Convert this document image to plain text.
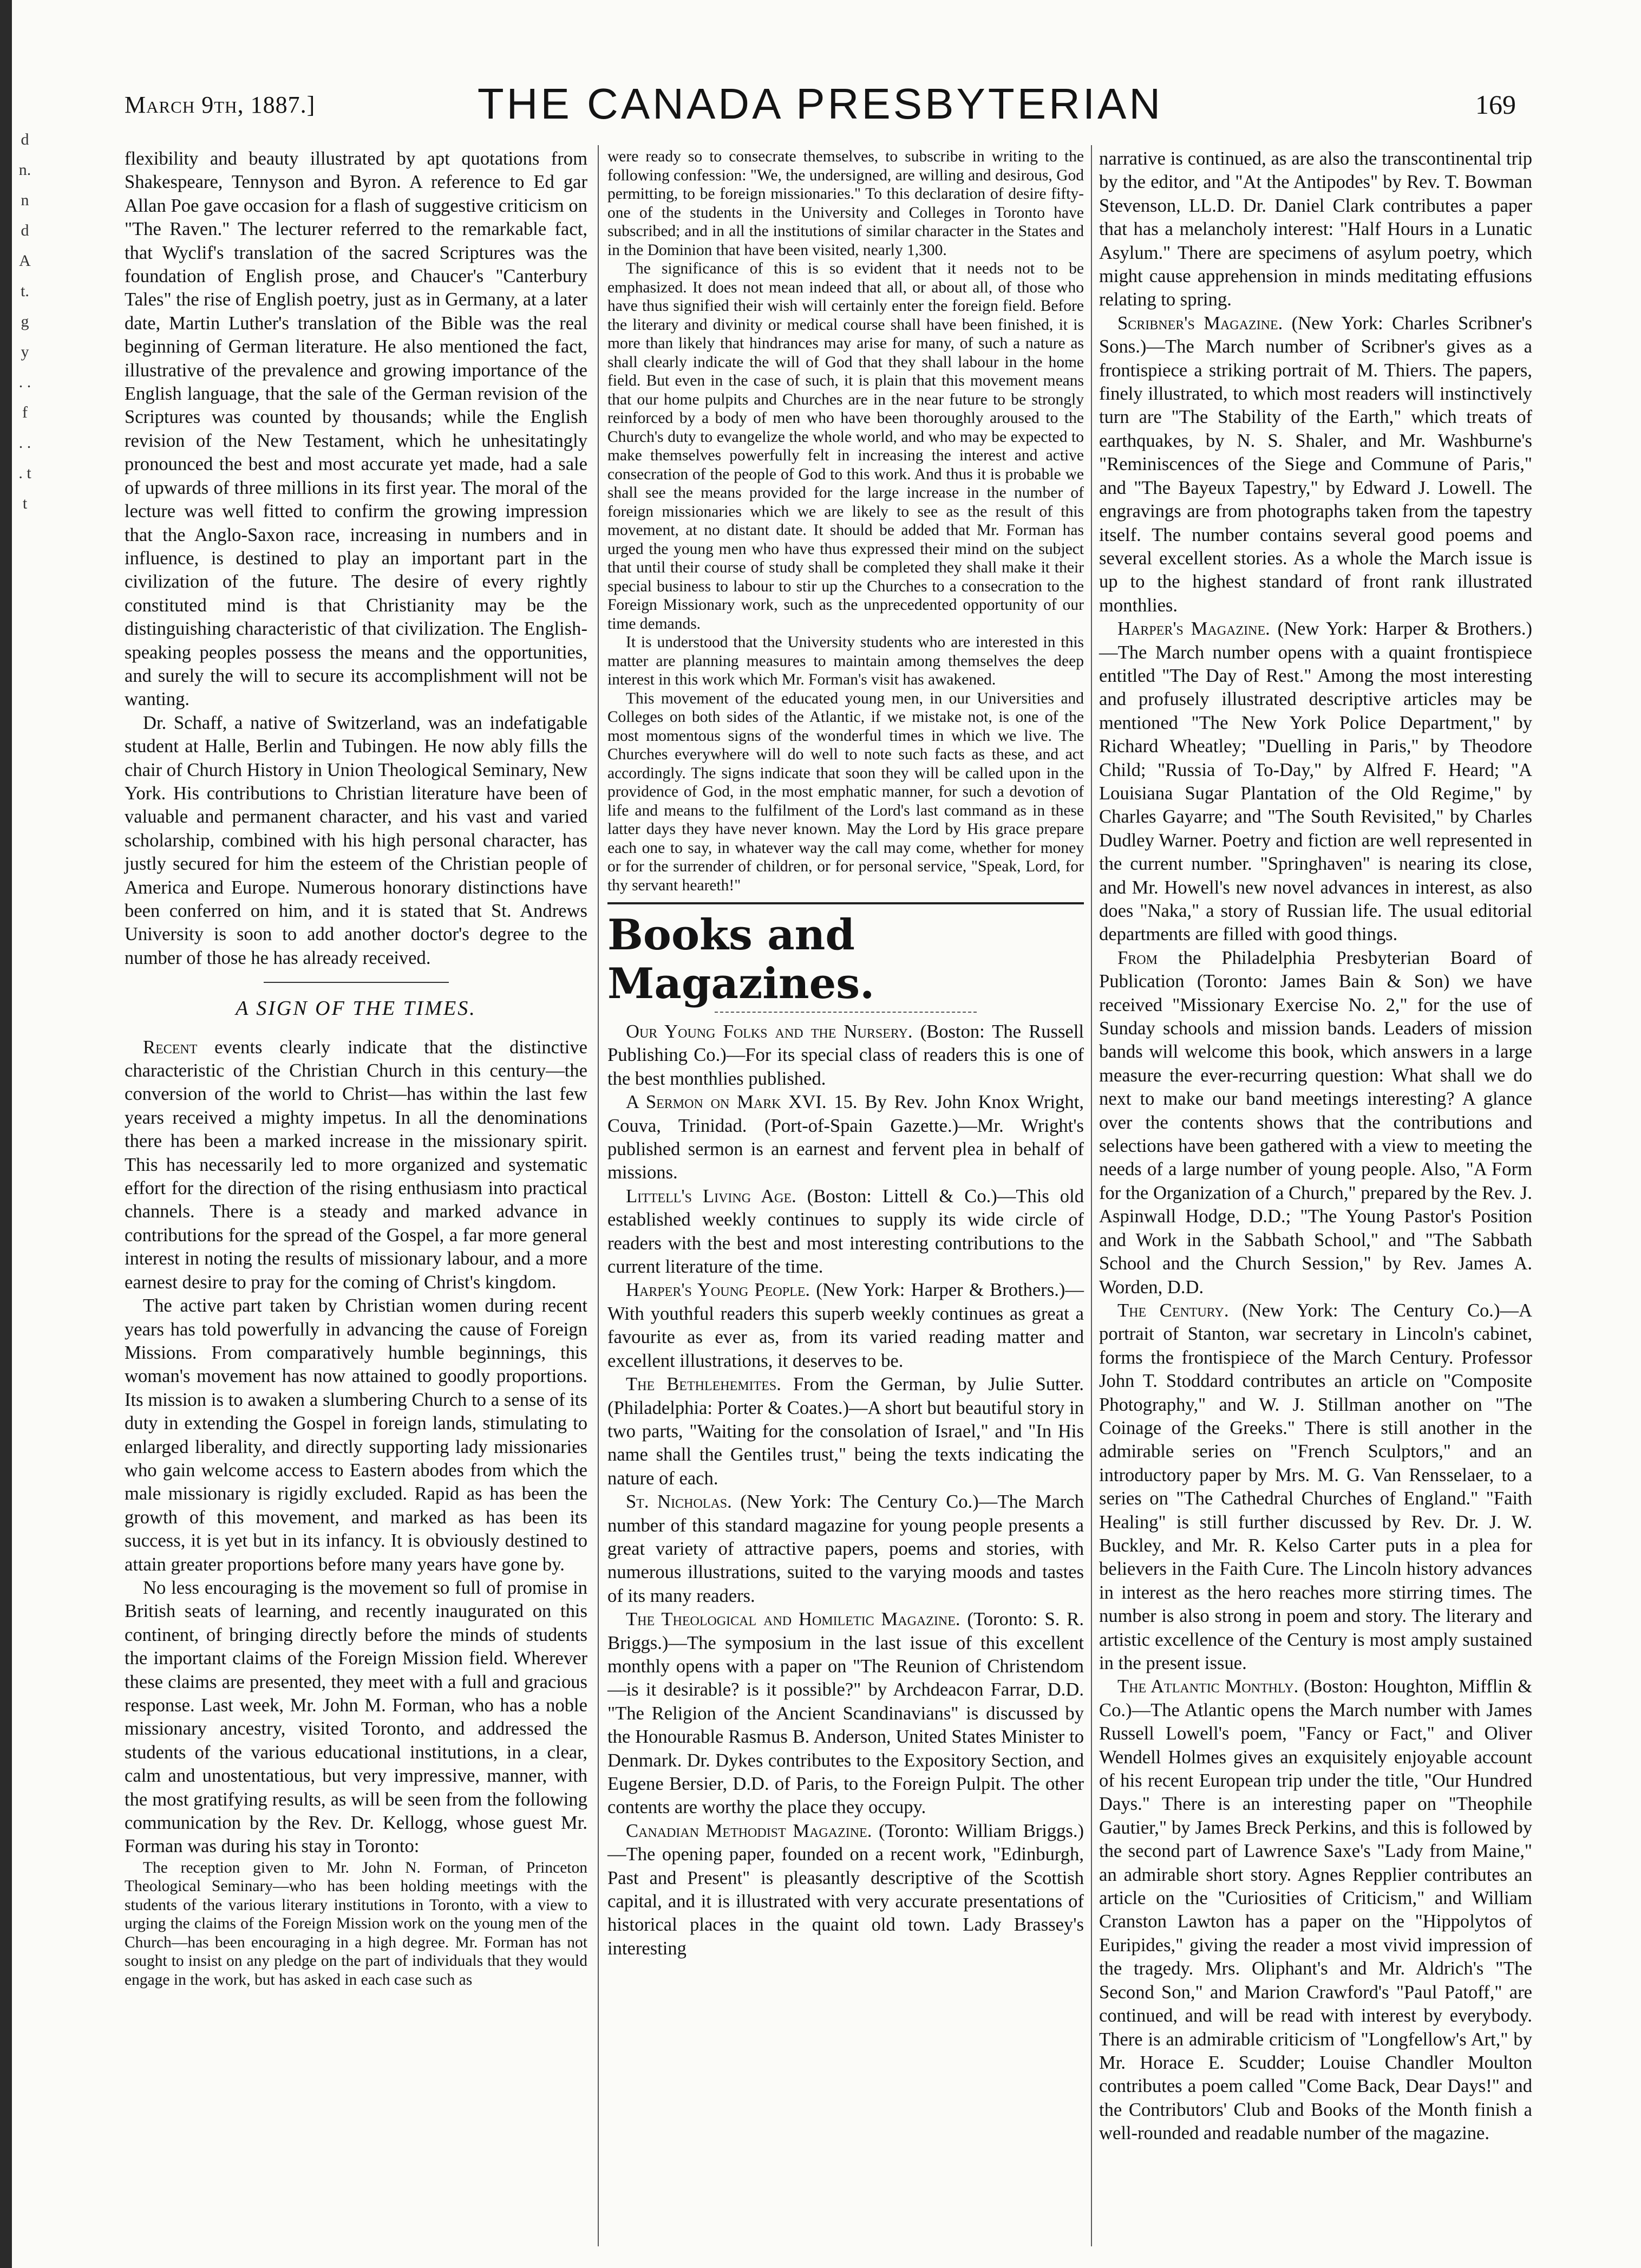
d n. n d A t. g y . . f . . . t t
March 9th, 1887.]	THE CANADA PRESBYTERIAN	169

flexibility and beauty illustrated by apt quotations from Shakespeare, Tennyson and Byron. A reference to Ed gar Allan Poe gave occasion for a flash of suggestive criticism on "The Raven." The lecturer referred to the remarkable fact, that Wyclif's translation of the sacred Scriptures was the foundation of English prose, and Chaucer's "Canterbury Tales" the rise of English poetry, just as in Germany, at a later date, Martin Luther's translation of the Bible was the real beginning of German literature. He also mentioned the fact, illustrative of the prevalence and growing importance of the English language, that the sale of the German revision of the Scriptures was counted by thousands; while the English revision of the New Testament, which he unhesitatingly pronounced the best and most accurate yet made, had a sale of upwards of three millions in its first year. The moral of the lecture was well fitted to confirm the growing impression that the Anglo-Saxon race, increasing in numbers and in influence, is destined to play an important part in the civilization of the future. The desire of every rightly constituted mind is that Christianity may be the distinguishing characteristic of that civilization. The English-speaking peoples possess the means and the opportunities, and surely the will to secure its accomplishment will not be wanting.

Dr. Schaff, a native of Switzerland, was an indefatigable student at Halle, Berlin and Tubingen. He now ably fills the chair of Church History in Union Theological Seminary, New York. His contributions to Christian literature have been of valuable and permanent character, and his vast and varied scholarship, combined with his high personal character, has justly secured for him the esteem of the Christian people of America and Europe. Numerous honorary distinctions have been conferred on him, and it is stated that St. Andrews University is soon to add another doctor's degree to the number of those he has already received.

A SIGN OF THE TIMES.

Recent events clearly indicate that the distinctive characteristic of the Christian Church in this century—the conversion of the world to Christ—has within the last few years received a mighty impetus. In all the denominations there has been a marked increase in the missionary spirit. This has necessarily led to more organized and systematic effort for the direction of the rising enthusiasm into practical channels. There is a steady and marked advance in contributions for the spread of the Gospel, a far more general interest in noting the results of missionary labour, and a more earnest desire to pray for the coming of Christ's kingdom.

The active part taken by Christian women during recent years has told powerfully in advancing the cause of Foreign Missions. From comparatively humble beginnings, this woman's movement has now attained to goodly proportions. Its mission is to awaken a slumbering Church to a sense of its duty in extending the Gospel in foreign lands, stimulating to enlarged liberality, and directly supporting lady missionaries who gain welcome access to Eastern abodes from which the male missionary is rigidly excluded. Rapid as has been the growth of this movement, and marked as has been its success, it is yet but in its infancy. It is obviously destined to attain greater proportions before many years have gone by.

No less encouraging is the movement so full of promise in British seats of learning, and recently inaugurated on this continent, of bringing directly before the minds of students the important claims of the Foreign Mission field. Wherever these claims are presented, they meet with a full and gracious response. Last week, Mr. John M. Forman, who has a noble missionary ancestry, visited Toronto, and addressed the students of the various educational institutions, in a clear, calm and unostentatious, but very impressive, manner, with the most gratifying results, as will be seen from the following communication by the Rev. Dr. Kellogg, whose guest Mr. Forman was during his stay in Toronto:

The reception given to Mr. John N. Forman, of Princeton Theological Seminary—who has been holding meetings with the students of the various literary institutions in Toronto, with a view to urging the claims of the Foreign Mission work on the young men of the Church—has been encouraging in a high degree. Mr. Forman has not sought to insist on any pledge on the part of individuals that they would engage in the work, but has asked in each case such as

were ready so to consecrate themselves, to subscribe in writing to the following confession: "We, the undersigned, are willing and desirous, God permitting, to be foreign missionaries." To this declaration of desire fifty-one of the students in the University and Colleges in Toronto have subscribed; and in all the institutions of similar character in the States and in the Dominion that have been visited, nearly 1,300.

The significance of this is so evident that it needs not to be emphasized. It does not mean indeed that all, or about all, of those who have thus signified their wish will certainly enter the foreign field. Before the literary and divinity or medical course shall have been finished, it is more than likely that hindrances may arise for many, of such a nature as shall clearly indicate the will of God that they shall labour in the home field. But even in the case of such, it is plain that this movement means that our home pulpits and Churches are in the near future to be strongly reinforced by a body of men who have been thoroughly aroused to the Church's duty to evangelize the whole world, and who may be expected to make themselves powerfully felt in increasing the interest and active consecration of the people of God to this work. And thus it is probable we shall see the means provided for the large increase in the number of foreign missionaries which we are likely to see as the result of this movement, at no distant date. It should be added that Mr. Forman has urged the young men who have thus expressed their mind on the subject that until their course of study shall be completed they shall make it their special business to labour to stir up the Churches to a consecration to the Foreign Missionary work, such as the unprecedented opportunity of our time demands.

It is understood that the University students who are interested in this matter are planning measures to maintain among themselves the deep interest in this work which Mr. Forman's visit has awakened.

This movement of the educated young men, in our Universities and Colleges on both sides of the Atlantic, if we mistake not, is one of the most momentous signs of the wonderful times in which we live. The Churches everywhere will do well to note such facts as these, and act accordingly. The signs indicate that soon they will be called upon in the providence of God, in the most emphatic manner, for such a devotion of life and means to the fulfilment of the Lord's last command as in these latter days they have never known. May the Lord by His grace prepare each one to say, in whatever way the call may come, whether for money or for the surrender of children, or for personal service, "Speak, Lord, for thy servant heareth!"

Books and Magazines.

Our Young Folks and the Nursery. (Boston: The Russell Publishing Co.)—For its special class of readers this is one of the best monthlies published.

A Sermon on Mark XVI. 15. By Rev. John Knox Wright, Couva, Trinidad. (Port-of-Spain Gazette.)—Mr. Wright's published sermon is an earnest and fervent plea in behalf of missions.

Littell's Living Age. (Boston: Littell & Co.)—This old established weekly continues to supply its wide circle of readers with the best and most interesting contributions to the current literature of the time.

Harper's Young People. (New York: Harper & Brothers.)—With youthful readers this superb weekly continues as great a favourite as ever as, from its varied reading matter and excellent illustrations, it deserves to be.

The Bethlehemites. From the German, by Julie Sutter. (Philadelphia: Porter & Coates.)—A short but beautiful story in two parts, "Waiting for the consolation of Israel," and "In His name shall the Gentiles trust," being the texts indicating the nature of each.

St. Nicholas. (New York: The Century Co.)—The March number of this standard magazine for young people presents a great variety of attractive papers, poems and stories, with numerous illustrations, suited to the varying moods and tastes of its many readers.

The Theological and Homiletic Magazine. (Toronto: S. R. Briggs.)—The symposium in the last issue of this excellent monthly opens with a paper on "The Reunion of Christendom—is it desirable? is it possible?" by Archdeacon Farrar, D.D. "The Religion of the Ancient Scandinavians" is discussed by the Honourable Rasmus B. Anderson, United States Minister to Denmark. Dr. Dykes contributes to the Expository Section, and Eugene Bersier, D.D. of Paris, to the Foreign Pulpit. The other contents are worthy the place they occupy.

Canadian Methodist Magazine. (Toronto: William Briggs.)—The opening paper, founded on a recent work, "Edinburgh, Past and Present" is pleasantly descriptive of the Scottish capital, and it is illustrated with very accurate presentations of historical places in the quaint old town. Lady Brassey's interesting

narrative is continued, as are also the transcontinental trip by the editor, and "At the Antipodes" by Rev. T. Bowman Stevenson, LL.D. Dr. Daniel Clark contributes a paper that has a melancholy interest: "Half Hours in a Lunatic Asylum." There are specimens of asylum poetry, which might cause apprehension in minds meditating effusions relating to spring.

Scribner's Magazine. (New York: Charles Scribner's Sons.)—The March number of Scribner's gives as a frontispiece a striking portrait of M. Thiers. The papers, finely illustrated, to which most readers will instinctively turn are "The Stability of the Earth," which treats of earthquakes, by N. S. Shaler, and Mr. Washburne's "Reminiscences of the Siege and Commune of Paris," and "The Bayeux Tapestry," by Edward J. Lowell. The engravings are from photographs taken from the tapestry itself. The number contains several good poems and several excellent stories. As a whole the March issue is up to the highest standard of front rank illustrated monthlies.

Harper's Magazine. (New York: Harper & Brothers.)—The March number opens with a quaint frontispiece entitled "The Day of Rest." Among the most interesting and profusely illustrated descriptive articles may be mentioned "The New York Police Department," by Richard Wheatley; "Duelling in Paris," by Theodore Child; "Russia of To-Day," by Alfred F. Heard; "A Louisiana Sugar Plantation of the Old Regime," by Charles Gayarre; and "The South Revisited," by Charles Dudley Warner. Poetry and fiction are well represented in the current number. "Springhaven" is nearing its close, and Mr. Howell's new novel advances in interest, as also does "Naka," a story of Russian life. The usual editorial departments are filled with good things.

From the Philadelphia Presbyterian Board of Publication (Toronto: James Bain & Son) we have received "Missionary Exercise No. 2," for the use of Sunday schools and mission bands. Leaders of mission bands will welcome this book, which answers in a large measure the ever-recurring question: What shall we do next to make our band meetings interesting? A glance over the contents shows that the contributions and selections have been gathered with a view to meeting the needs of a large number of young people. Also, "A Form for the Organization of a Church," prepared by the Rev. J. Aspinwall Hodge, D.D.; "The Young Pastor's Position and Work in the Sabbath School," and "The Sabbath School and the Church Session," by Rev. James A. Worden, D.D.

The Century. (New York: The Century Co.)—A portrait of Stanton, war secretary in Lincoln's cabinet, forms the frontispiece of the March Century. Professor John T. Stoddard contributes an article on "Composite Photography," and W. J. Stillman another on "The Coinage of the Greeks." There is still another in the admirable series on "French Sculptors," and an introductory paper by Mrs. M. G. Van Rensselaer, to a series on "The Cathedral Churches of England." "Faith Healing" is still further discussed by Rev. Dr. J. W. Buckley, and Mr. R. Kelso Carter puts in a plea for believers in the Faith Cure. The Lincoln history advances in interest as the hero reaches more stirring times. The number is also strong in poem and story. The literary and artistic excellence of the Century is most amply sustained in the present issue.

The Atlantic Monthly. (Boston: Houghton, Mifflin & Co.)—The Atlantic opens the March number with James Russell Lowell's poem, "Fancy or Fact," and Oliver Wendell Holmes gives an exquisitely enjoyable account of his recent European trip under the title, "Our Hundred Days." There is an interesting paper on "Theophile Gautier," by James Breck Perkins, and this is followed by the second part of Lawrence Saxe's "Lady from Maine," an admirable short story. Agnes Repplier contributes an article on the "Curiosities of Criticism," and William Cranston Lawton has a paper on the "Hippolytos of Euripides," giving the reader a most vivid impression of the tragedy. Mrs. Oliphant's and Mr. Aldrich's "The Second Son," and Marion Crawford's "Paul Patoff," are continued, and will be read with interest by everybody. There is an admirable criticism of "Longfellow's Art," by Mr. Horace E. Scudder; Louise Chandler Moulton contributes a poem called "Come Back, Dear Days!" and the Contributors' Club and Books of the Month finish a well-rounded and readable number of the magazine.
